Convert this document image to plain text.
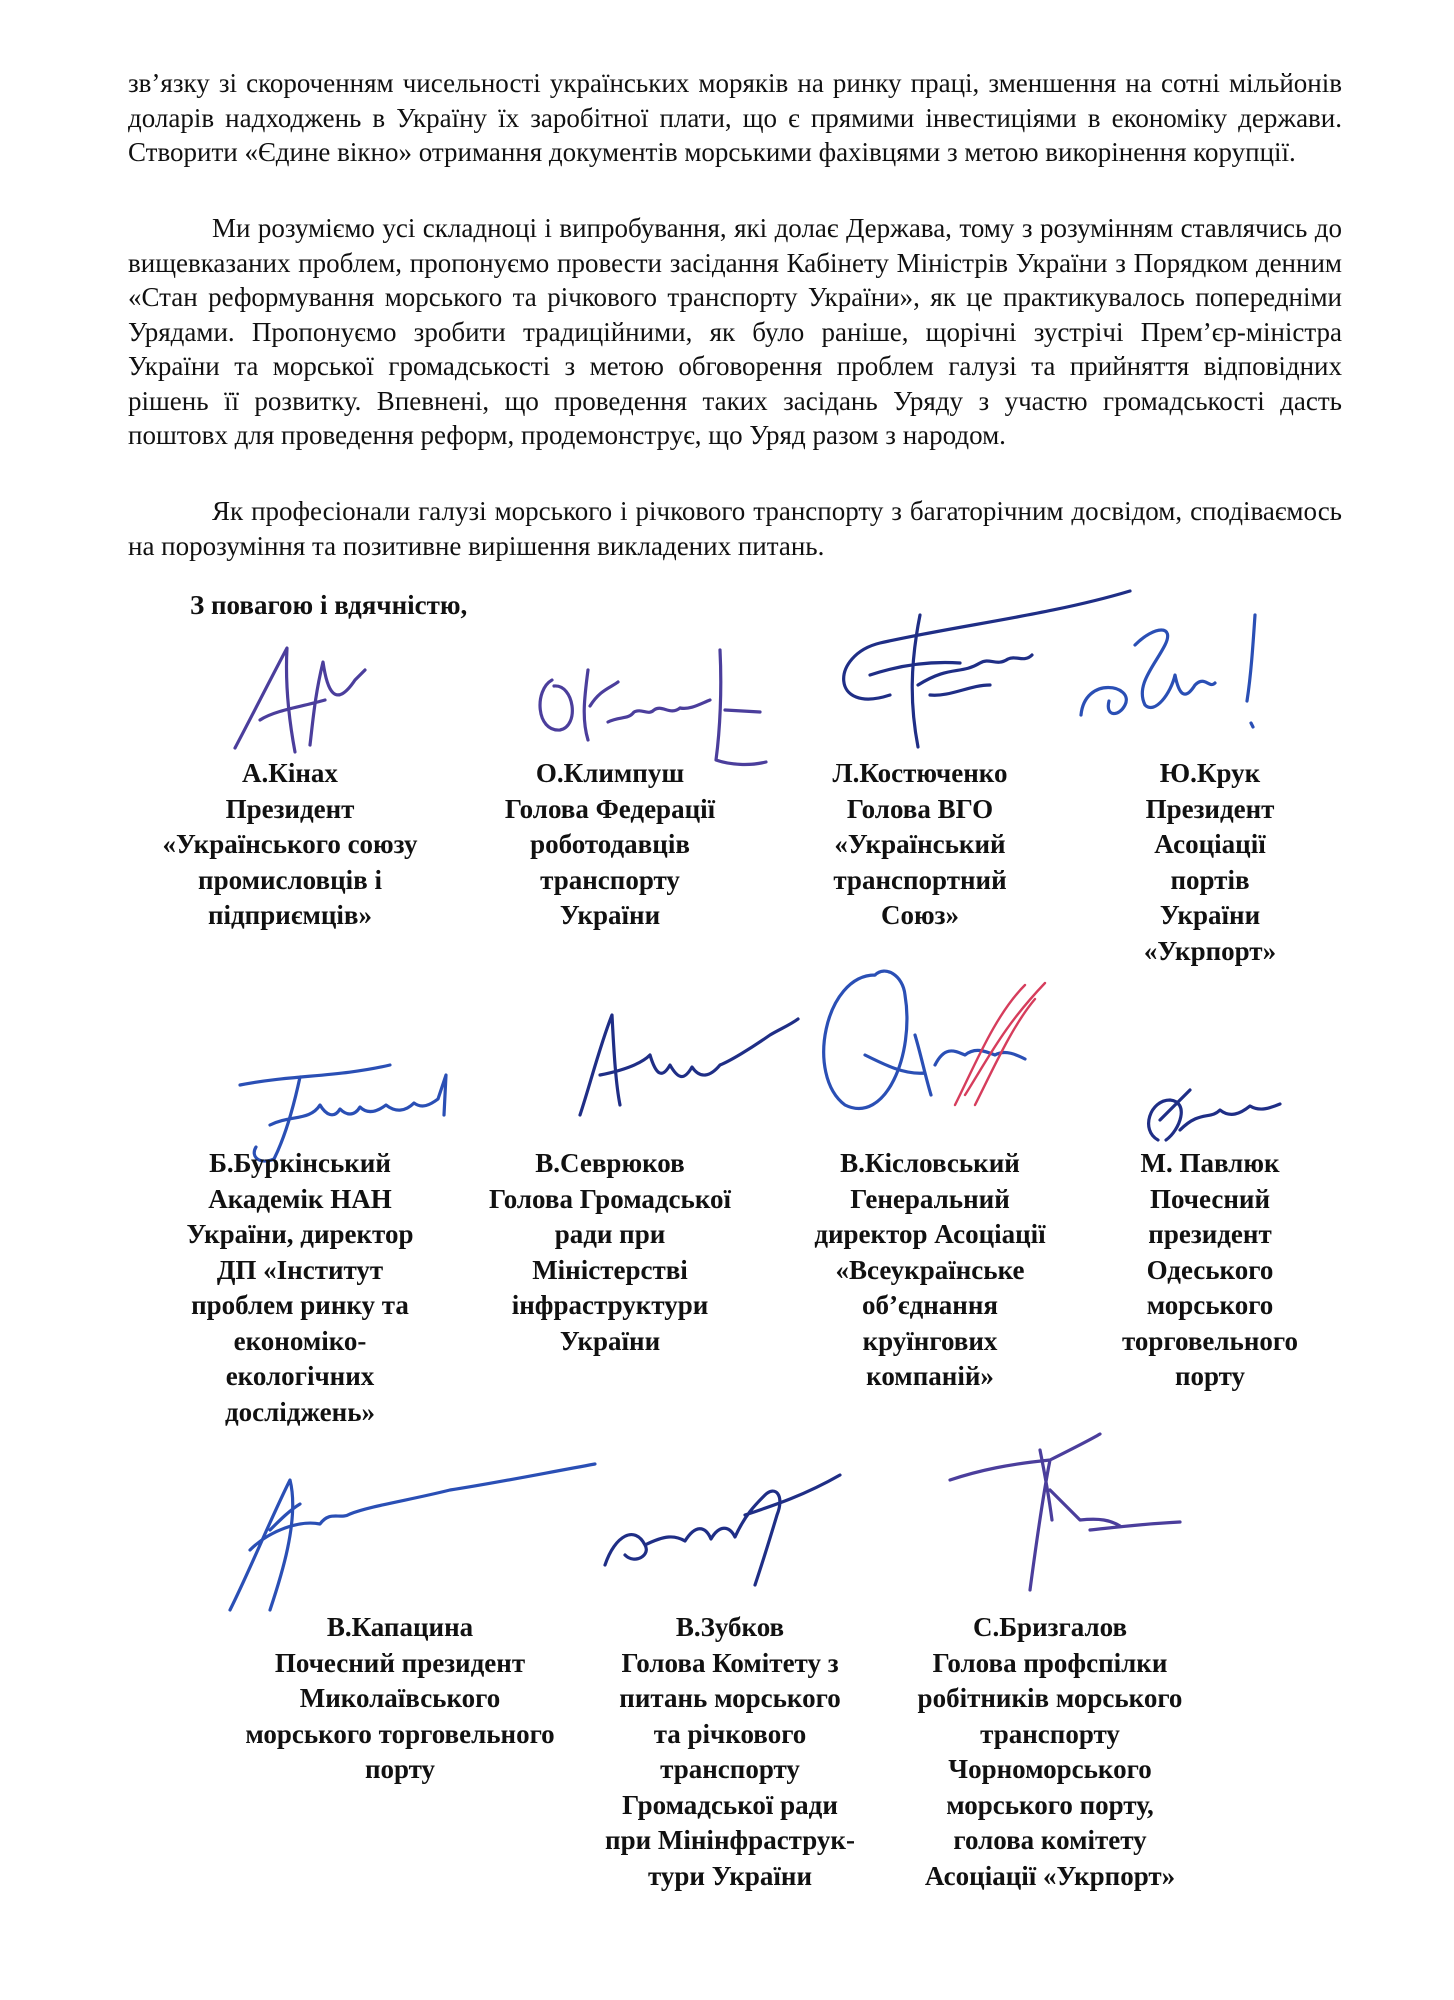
зв’язку зі скороченням чисельності українських моряків на ринку праці, зменшення на сотні мільйонів доларів надходжень в Україну їх заробітної плати, що є прямими інвестиціями в економіку держави. Створити «Єдине вікно» отримання документів морськими фахівцями з метою викорінення корупції.

Ми розуміємо усі складноці і випробування, які долає Держава, тому з розумінням ставлячись до вищевказаних проблем, пропонуємо провести засідання Кабінету Міністрів України з Порядком денним «Стан реформування морського та річкового транспорту України», як це практикувалось попередніми Урядами. Пропонуємо зробити традиційними, як було раніше, щорічні зустрічі Прем’єр-міністра України та морської громадськості з метою обговорення проблем галузі та прийняття відповідних рішень її розвитку. Впевнені, що проведення таких засідань Уряду з участю громадськості дасть поштовх для проведення реформ, продемонструє, що Уряд разом з народом.

Як професіонали галузі морського і річкового транспорту з багаторічним досвідом, сподіваємось на порозуміння та позитивне вирішення викладених питань.

З повагою і вдячністю,
А.Кінах
Президент
«Українського союзу
промисловців і
підприємців»
О.Климпуш
Голова Федерації
роботодавців
транспорту
України
Л.Костюченко
Голова ВГО
«Український
транспортний
Союз»
Ю.Крук
Президент
Асоціації
портів
України
«Укрпорт»
Б.Буркінський
Академік НАН
України, директор
ДП «Інститут
проблем ринку та
економіко-
екологічних
досліджень»
В.Севрюков
Голова Громадської
ради при
Міністерстві
інфраструктури
України
В.Кісловський
Генеральний
директор Асоціації
«Всеукраїнське
об’єднання
круїнгових
компаній»
М. Павлюк
Почесний
президент
Одеського
морського
торговельного
порту
В.Капацина
Почесний президент
Миколаївського
морського торговельного
порту
В.Зубков
Голова Комітету з
питань морського
та річкового
транспорту
Громадської ради
при Мінінфраструк-
тури України
С.Бризгалов
Голова профспілки
робітників морського
транспорту
Чорноморського
морського порту,
голова комітету
Асоціації «Укрпорт»
